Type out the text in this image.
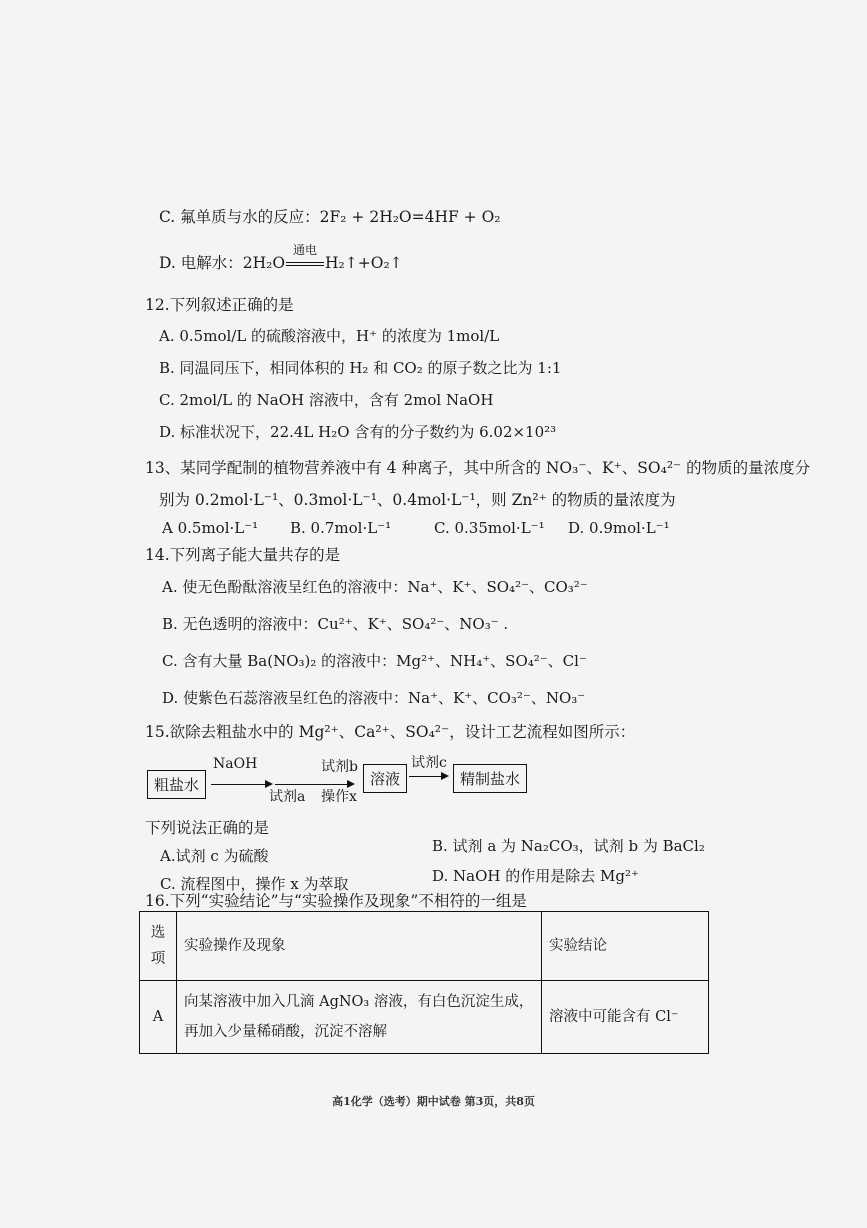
C. 氟单质与水的反应：2F₂ + 2H₂O=4HF + O₂
D. 电解水：2H₂O
通电
H₂↑+O₂↑
12.下列叙述正确的是
A. 0.5mol/L 的硫酸溶液中，H⁺ 的浓度为 1mol/L
B. 同温同压下，相同体积的 H₂ 和 CO₂ 的原子数之比为 1:1
C. 2mol/L 的 NaOH 溶液中，含有 2mol NaOH
D. 标准状况下，22.4L H₂O 含有的分子数约为 6.02×10²³
13、某同学配制的植物营养液中有 4 种离子，其中所含的 NO₃⁻、K⁺、SO₄²⁻ 的物质的量浓度分
别为 0.2mol·L⁻¹、0.3mol·L⁻¹、0.4mol·L⁻¹，则 Zn²⁺ 的物质的量浓度为
A 0.5mol·L⁻¹ B. 0.7mol·L⁻¹	C. 0.35mol·L⁻¹ D. 0.9mol·L⁻¹
14.下列离子能大量共存的是
A. 使无色酚酞溶液呈红色的溶液中：Na⁺、K⁺、SO₄²⁻、CO₃²⁻
B. 无色透明的溶液中：Cu²⁺、K⁺、SO₄²⁻、NO₃⁻ .
C. 含有大量 Ba(NO₃)₂ 的溶液中：Mg²⁺、NH₄⁺、SO₄²⁻、Cl⁻
D. 使紫色石蕊溶液呈红色的溶液中：Na⁺、K⁺、CO₃²⁻、NO₃⁻
15.欲除去粗盐水中的 Mg²⁺、Ca²⁺、SO₄²⁻，设计工艺流程如图所示：
粗盐水
NaOH
试剂a
试剂b
操作x
溶液
试剂c
精制盐水
下列说法正确的是
A.试剂 c 为硫酸
B. 试剂 a 为 Na₂CO₃，试剂 b 为 BaCl₂
C. 流程图中，操作 x 为萃取	D. NaOH 的作用是除去 Mg²⁺
16.下列“实验结论”与“实验操作及现象”不相符的一组是
选项	实验操作及现象	实验结论
A	向某溶液中加入几滴 AgNO₃ 溶液，有白色沉淀生成，再加入少量稀硝酸，沉淀不溶解	溶液中可能含有 Cl⁻
高1化学（选考）期中试卷 第3页，共8页
